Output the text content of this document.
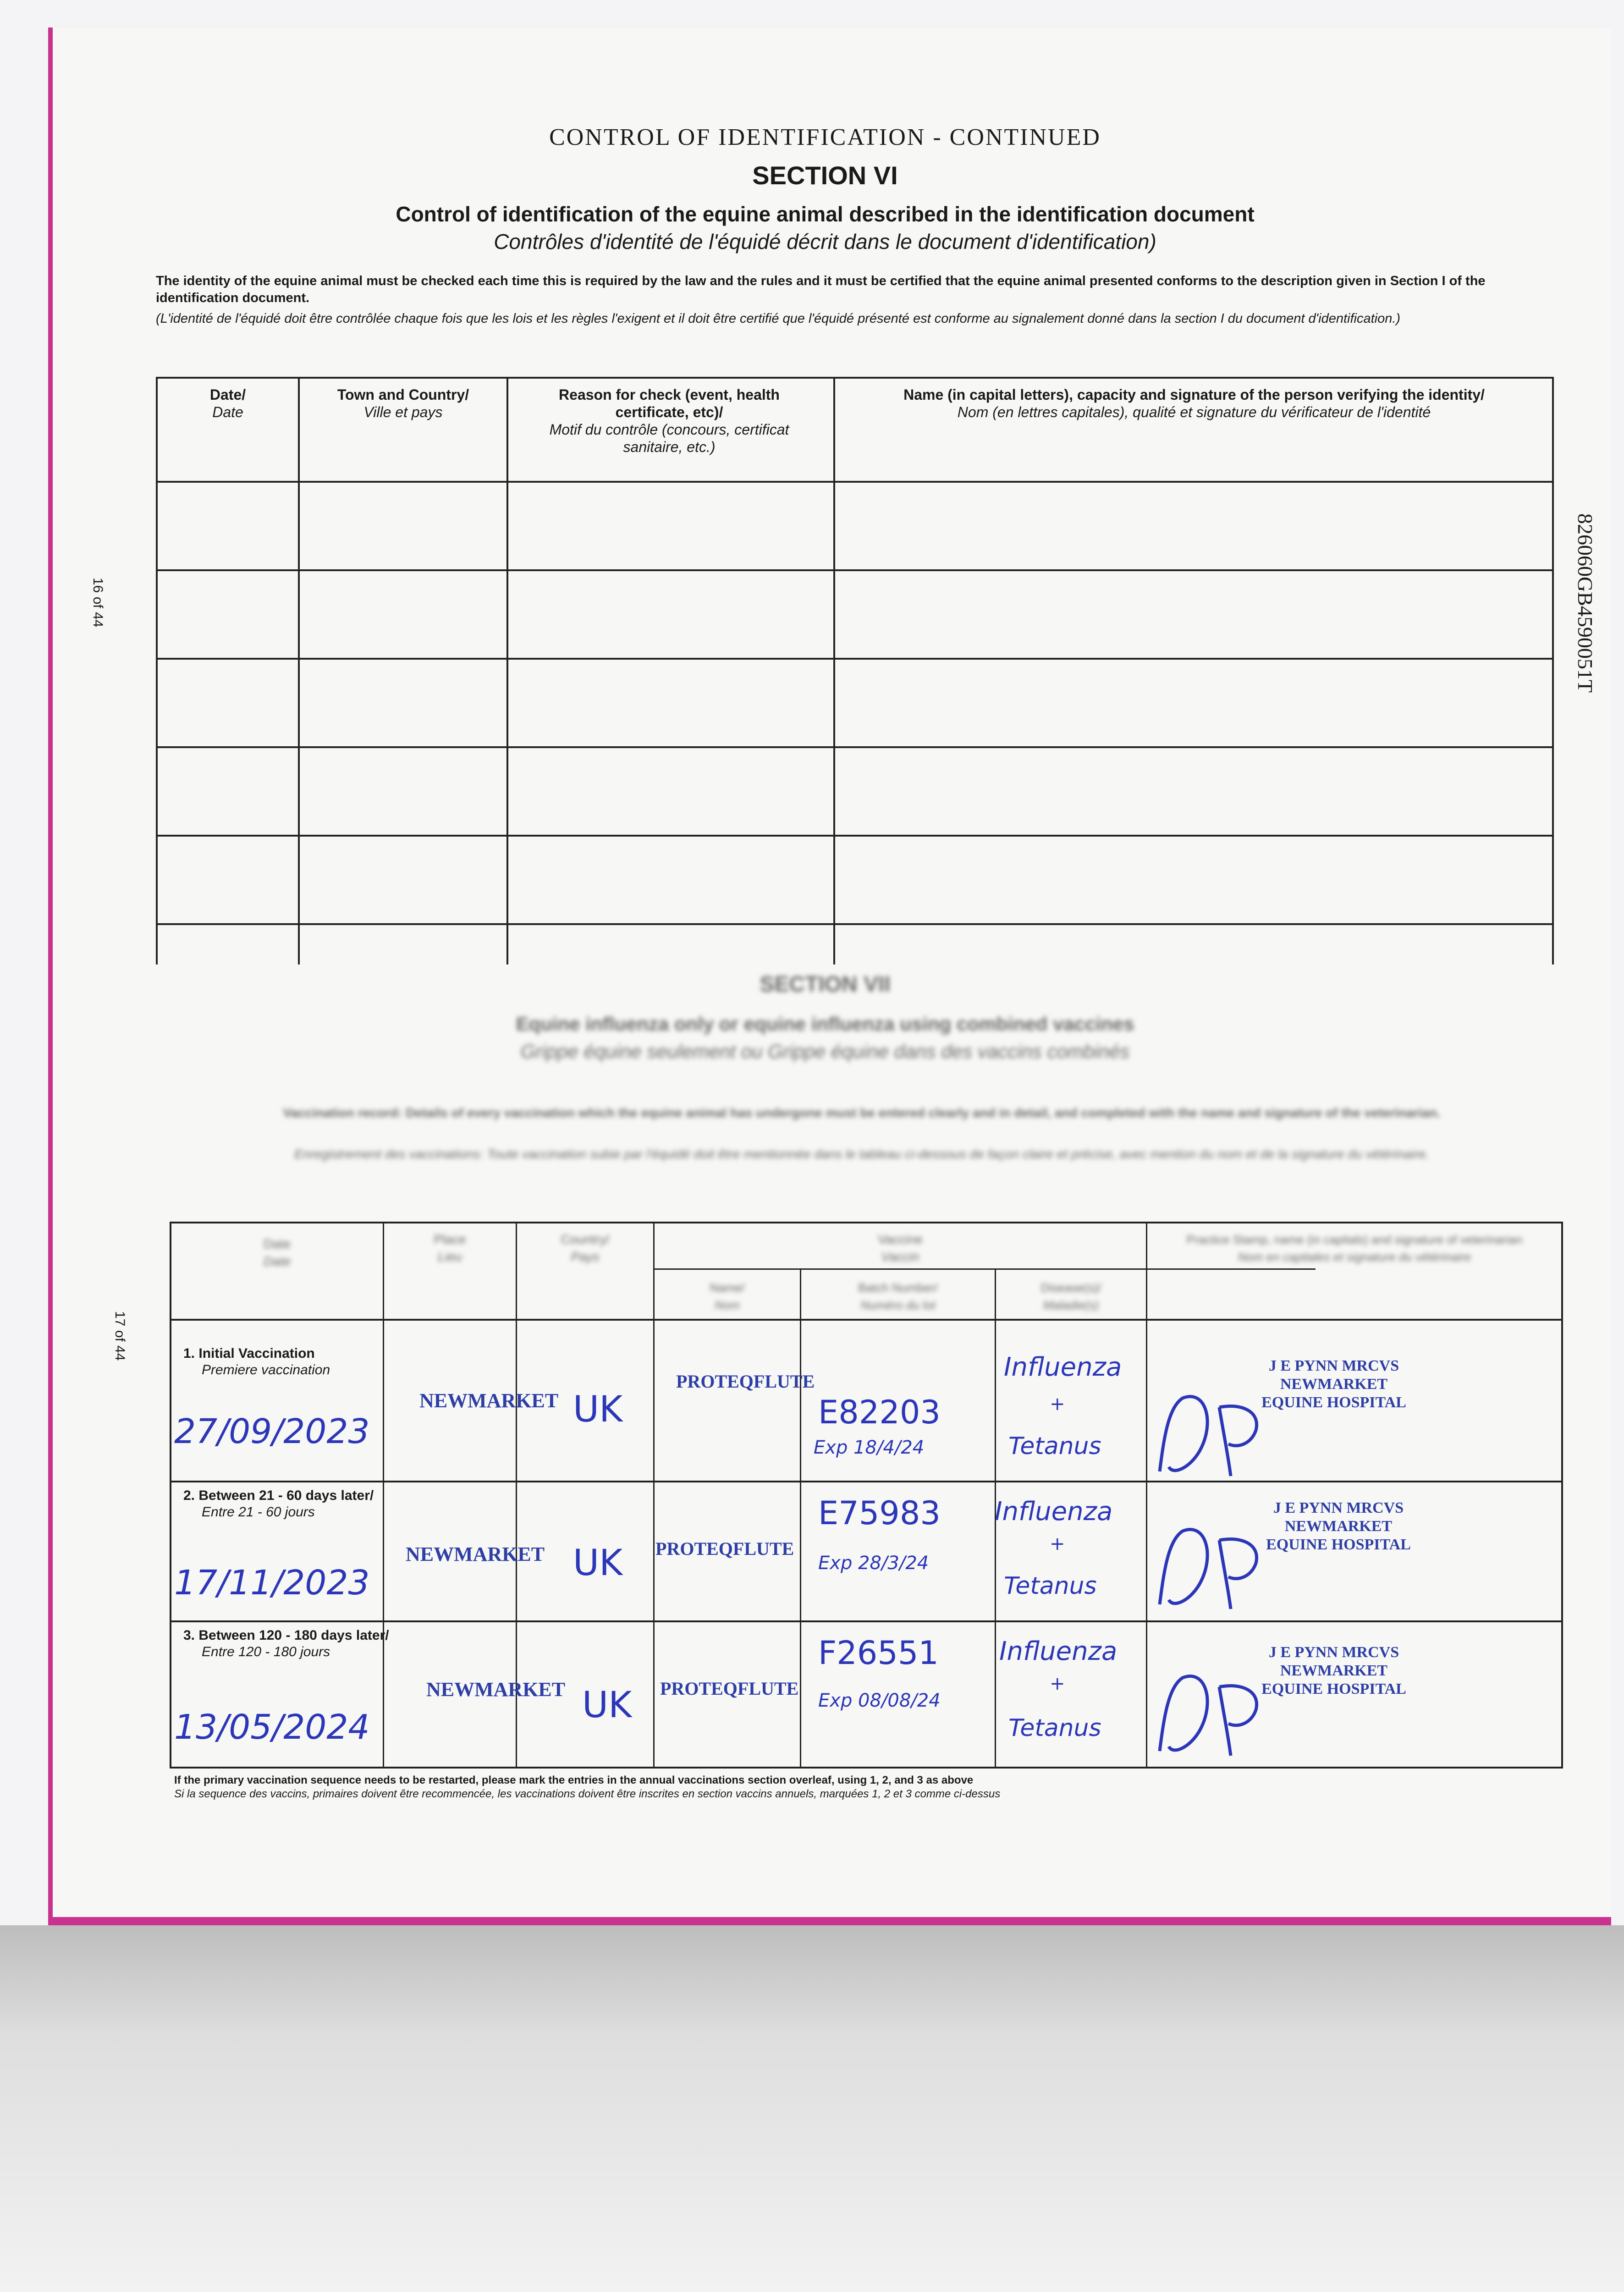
CONTROL OF IDENTIFICATION - CONTINUED
SECTION VI
Control of identification of the equine animal described in the identification document
Contrôles d'identité de l'équidé décrit dans le document d'identification)
The identity of the equine animal must be checked each time this is required by the law and the rules and it must be certified that the equine animal presented conforms to the description given in Section I of the identification document.
(L'identité de l'équidé doit être contrôlée chaque fois que les lois et les règles l'exigent et il doit être certifié que l'équidé présenté est conforme au signalement donné dans la section I du document d'identification.)
Date/
Date
Town and Country/
Ville et pays
Reason for check (event, health certificate, etc)/
Motif du contrôle (concours, certificat sanitaire, etc.)
Name (in capital letters), capacity and signature of the person verifying the identity/
Nom (en lettres capitales), qualité et signature du vérificateur de l'identité
16 of 44	826060GB4590051T
SECTION VII
Equine influenza only or equine influenza using combined vaccines
Grippe équine seulement ou Grippe équine dans des vaccins combinés
Vaccination record: Details of every vaccination which the equine animal has undergone must be entered clearly and in detail, and completed with the name and signature of the veterinarian.
Enregistrement des vaccinations: Toute vaccination subie par l'équidé doit être mentionnée dans le tableau ci-dessous de façon claire et précise, avec mention du nom et de la signature du vétérinaire.
17 of 44
Date
Date
Place
Lieu
Country/
Pays
Vaccine
Vaccin
Name/
Nom
Batch Number/
Numéro du lot
Disease(s)/
Maladie(s)
Practice Stamp, name (in capitals) and signature of veterinarian
Nom en capitales et signature du vétérinaire
1. Initial Vaccination
Premiere vaccination
27/09/2023
NEWMARKET UK
PROTEQFLUTE
E82203
Exp 18/4/24
Influenza
+
Tetanus
J E PYNN MRCVS
NEWMARKET
EQUINE HOSPITAL
2. Between 21 - 60 days later/
Entre 21 - 60 jours
17/11/2023
NEWMARKET UK PROTEQFLUTE
E75983
Exp 28/3/24
Influenza
+
Tetanus
J E PYNN MRCVS
NEWMARKET
EQUINE HOSPITAL
3. Between 120 - 180 days later/
Entre 120 - 180 jours
13/05/2024
NEWMARKET UK PROTEQFLUTE
F26551
Exp 08/08/24
Influenza
+
Tetanus
J E PYNN MRCVS
NEWMARKET
EQUINE HOSPITAL
If the primary vaccination sequence needs to be restarted, please mark the entries in the annual vaccinations section overleaf, using 1, 2, and 3 as above
Si la sequence des vaccins, primaires doivent être recommencée, les vaccinations doivent être inscrites en section vaccins annuels, marquées 1, 2 et 3 comme ci-dessus
